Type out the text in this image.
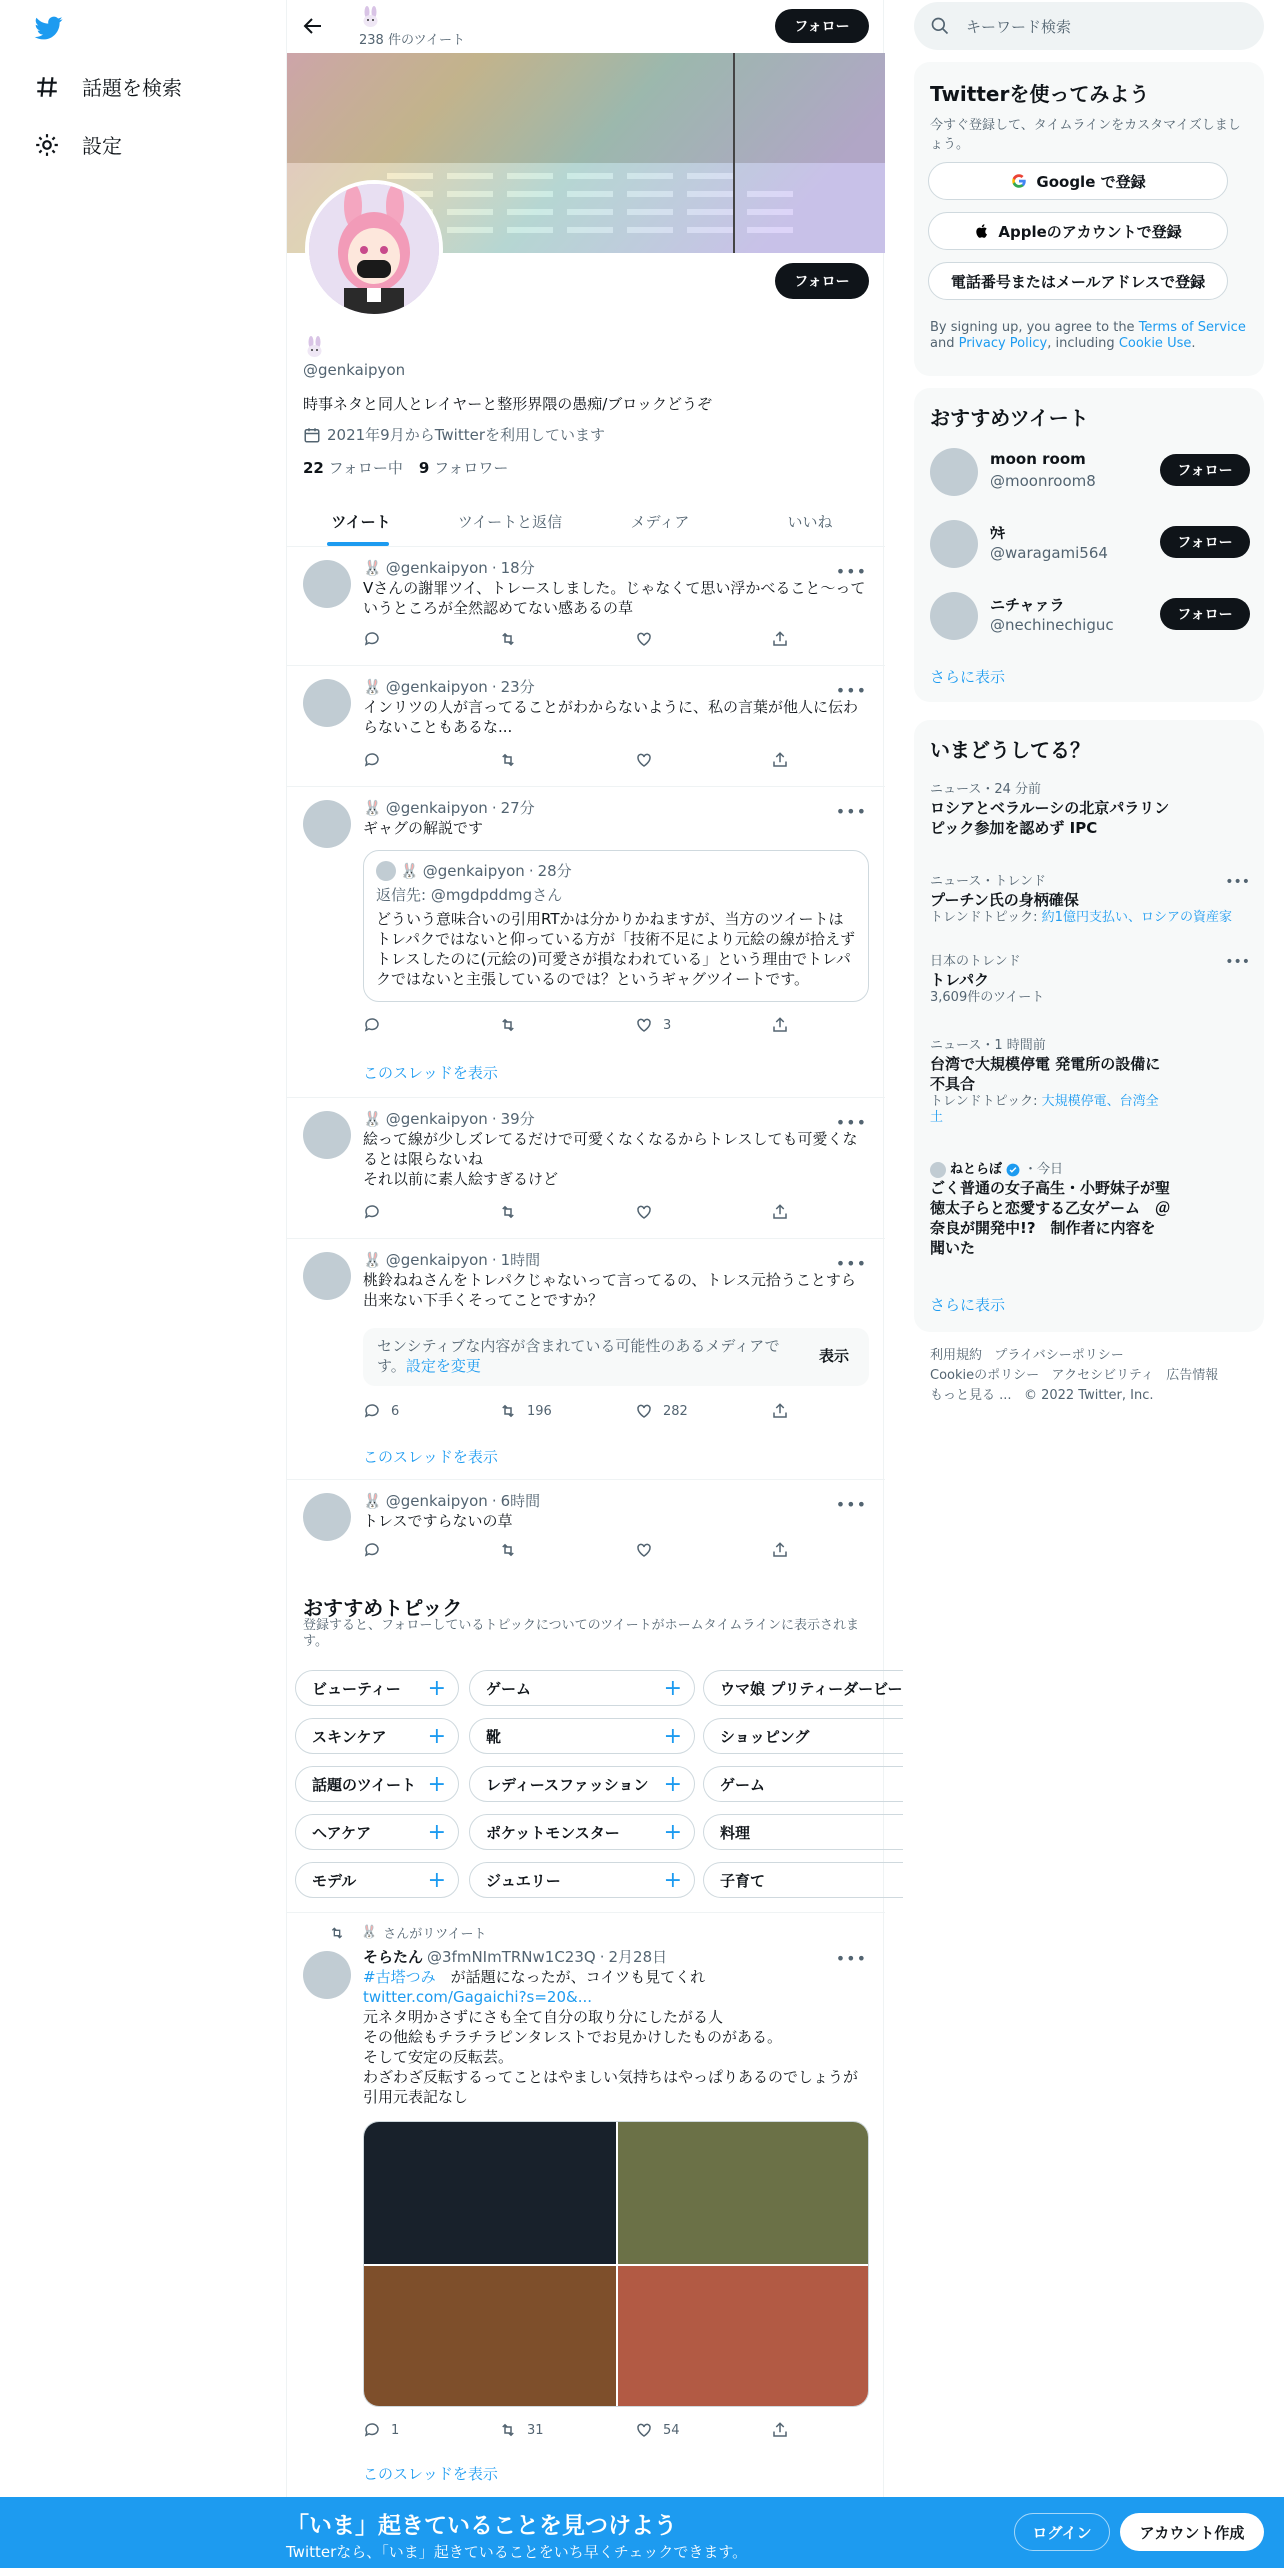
話題を検索
設定
238 件のツイート
フォロー
フォロー
@genkaipyon
時事ネタと同人とレイヤーと整形界隈の愚痴/ブロックどうぞ
2021年9月からTwitterを利用しています
22 フォロー中 9 フォロワー
ツイート	ツイートと返信	メディア	いいね
🐰 @genkaipyon · 18分
Vさんの謝罪ツイ、トレースしました。じゃなくて思い浮かべること〜っていうところが全然認めてない感あるの草
•••
🐰 @genkaipyon · 23分
インリツの人が言ってることがわからないように、私の言葉が他人に伝わらないこともあるな...
•••
🐰 @genkaipyon · 27分
ギャグの解説です
•••
🐰 @genkaipyon · 28分
返信先: @mgdpddmgさん
どういう意味合いの引用RTかは分かりかねますが、当方のツイートはトレパクではないと仰っている方が「技術不足により元絵の線が拾えずトレスしたのに(元絵の)可愛さが損なわれている」という理由でトレパクではないと主張しているのでは？というギャグツイートです。
3
このスレッドを表示
🐰 @genkaipyon · 39分
絵って線が少しズレてるだけで可愛くなくなるからトレスしても可愛くなるとは限らないね
それ以前に素人絵すぎるけど
•••
🐰 @genkaipyon · 1時間
桃鈴ねねさんをトレパクじゃないって言ってるの、トレス元拾うことすら出来ない下手くそってことですか？
•••
センシティブな内容が含まれている可能性のあるメディアです。設定を変更
表示
6	196	282
このスレッドを表示
🐰 @genkaipyon · 6時間
トレスですらないの草
•••
おすすめトピック
登録すると、フォローしているトピックについてのツイートがホームタイムラインに表示されます。
ビューティー +	ゲーム	+	ウマ娘 プリティーダービー
スキンケア +	靴	+	ショッピング
話題のツイート +	レディースファッション +	ゲーム
ヘアケア	+	ポケットモンスター +	料理
モデル	+	ジュエリー	+	子育て
🐰 さんがリツイート
そらたん @3fmNImTRNw1C23Q · 2月28日
#古塔つみ　が話題になったが、コイツも見てくれ
twitter.com/Gagaichi?s=20&...
元ネタ明かさずにさも全て自分の取り分にしたがる人
その他絵もチラチラピンタレストでお見かけしたものがある。
そして安定の反転芸。
わざわざ反転するってことはやましい気持ちはやっぱりあるのでしょうが引用元表記なし
•••
1	31	54
このスレッドを表示
キーワード検索
Twitterを使ってみよう
今すぐ登録して、タイムラインをカスタマイズしましょう。
Google で登録
Appleのアカウントで登録
電話番号またはメールアドレスで登録
By signing up, you agree to the Terms of Service and Privacy Policy, including Cookie Use.
おすすめツイート
moon room
@moonroom8
フォロー
ｳｷ
@waragami564
フォロー
ニチャァラ
@nechinechiguc
フォロー
さらに表示
いまどうしてる？
ニュース・24 分前
ロシアとベラルーシの北京パラリンピック参加を認めず IPC
ニュース・トレンド
プーチン氏の身柄確保
トレンドトピック: 約1億円支払い、ロシアの資産家
•••
日本のトレンド
トレパク
3,609件のツイート
•••
ニュース・1 時間前
台湾で大規模停電 発電所の設備に不具合
トレンドトピック: 大規模停電、台湾全土
ねとらぼ ・今日
ごく普通の女子高生・小野妹子が聖徳太子らと恋愛する乙女ゲーム　＠奈良が開発中!?　制作者に内容を聞いた
さらに表示
利用規約 プライバシーポリシー
Cookieのポリシー アクセシビリティ 広告情報
もっと見る ... © 2022 Twitter, Inc.
「いま」起きていることを見つけよう
Twitterなら、「いま」起きていることをいち早くチェックできます。
ログイン	アカウント作成
